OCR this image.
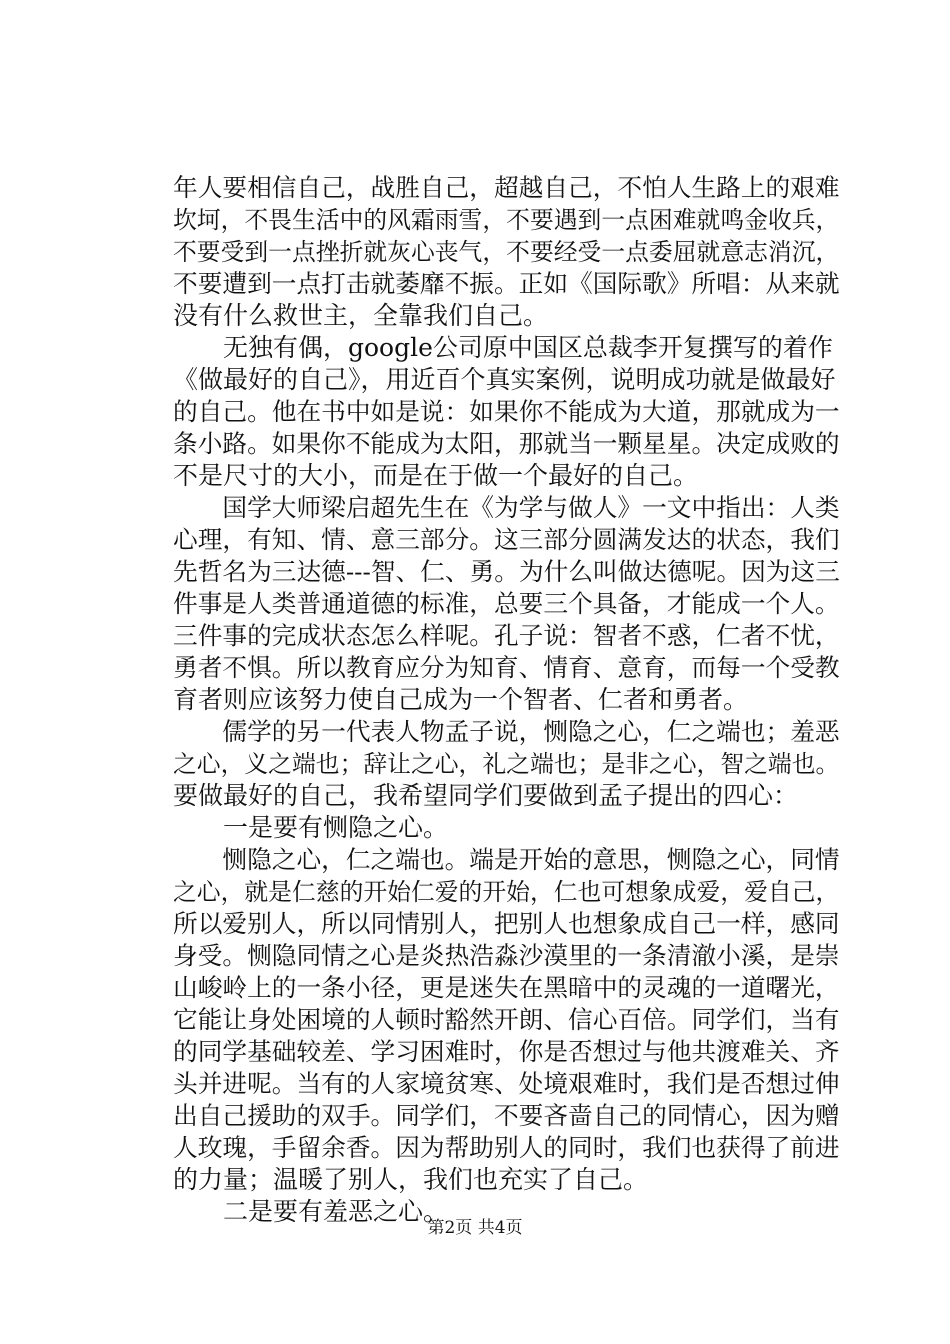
年人要相信自己，战胜自己，超越自己，不怕人生路上的艰难
坎坷，不畏生活中的风霜雨雪，不要遇到一点困难就鸣金收兵，
不要受到一点挫折就灰心丧气，不要经受一点委屈就意志消沉，
不要遭到一点打击就萎靡不振。正如《国际歌》所唱：从来就
没有什么救世主，全靠我们自己。
　　无独有偶，google公司原中国区总裁李开复撰写的着作
《做最好的自己》，用近百个真实案例，说明成功就是做最好
的自己。他在书中如是说：如果你不能成为大道，那就成为一
条小路。如果你不能成为太阳，那就当一颗星星。决定成败的
不是尺寸的大小，而是在于做一个最好的自己。
　　国学大师梁启超先生在《为学与做人》一文中指出：人类
心理，有知、情、意三部分。这三部分圆满发达的状态，我们
先哲名为三达德---智、仁、勇。为什么叫做达德呢。因为这三
件事是人类普通道德的标准，总要三个具备，才能成一个人。
三件事的完成状态怎么样呢。孔子说：智者不惑，仁者不忧，
勇者不惧。所以教育应分为知育、情育、意育，而每一个受教
育者则应该努力使自己成为一个智者、仁者和勇者。
　　儒学的另一代表人物孟子说，恻隐之心，仁之端也；羞恶
之心，义之端也；辞让之心，礼之端也；是非之心，智之端也。
要做最好的自己，我希望同学们要做到孟子提出的四心：
　　一是要有恻隐之心。
　　恻隐之心，仁之端也。端是开始的意思，恻隐之心，同情
之心，就是仁慈的开始仁爱的开始，仁也可想象成爱，爱自己，
所以爱别人，所以同情别人，把别人也想象成自己一样，感同
身受。恻隐同情之心是炎热浩淼沙漠里的一条清澈小溪，是崇
山峻岭上的一条小径，更是迷失在黑暗中的灵魂的一道曙光，
它能让身处困境的人顿时豁然开朗、信心百倍。同学们，当有
的同学基础较差、学习困难时，你是否想过与他共渡难关、齐
头并进呢。当有的人家境贫寒、处境艰难时，我们是否想过伸
出自己援助的双手。同学们，不要吝啬自己的同情心，因为赠
人玫瑰，手留余香。因为帮助别人的同时，我们也获得了前进
的力量；温暖了别人，我们也充实了自己。
　　二是要有羞恶之心。
第2页 共4页
